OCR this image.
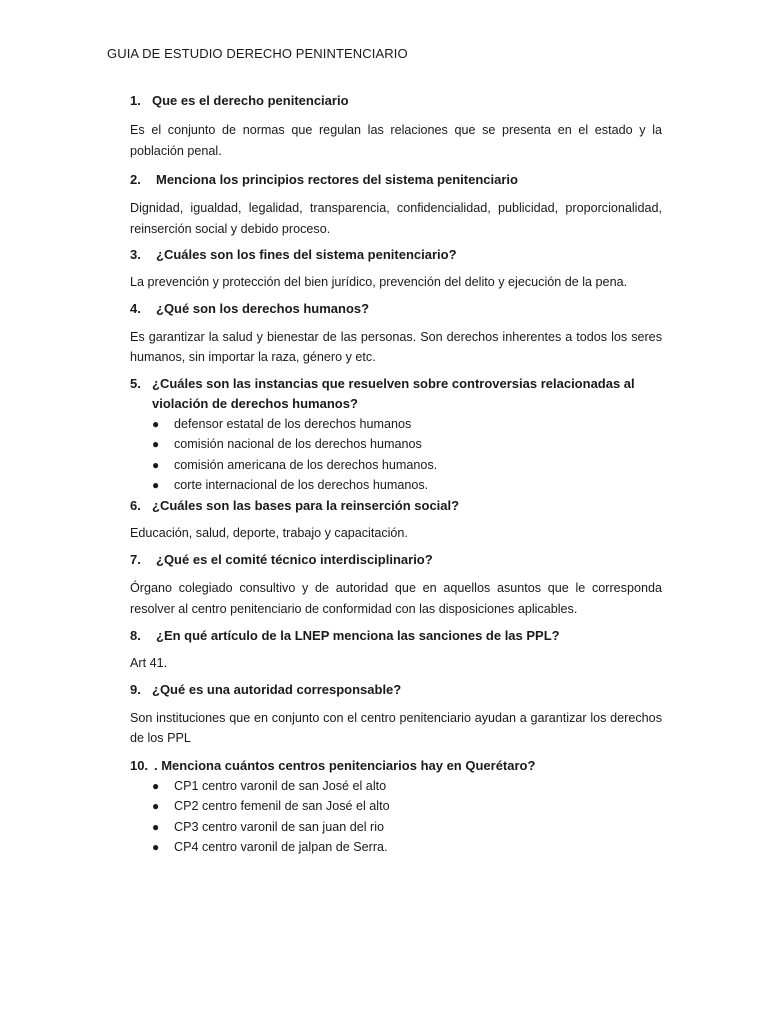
GUIA DE ESTUDIO DERECHO PENINTENCIARIO

1. Que es el derecho penitenciario

Es el conjunto de normas que regulan las relaciones que se presenta en el estado y la población penal.

2.	Menciona los principios rectores del sistema penitenciario

Dignidad, igualdad, legalidad, transparencia, confidencialidad, publicidad, proporcionalidad, reinserción social y debido proceso.

3.	¿Cuáles son los fines del sistema penitenciario?

La prevención y protección del bien jurídico, prevención del delito y ejecución de la pena.

4.	¿Qué son los derechos humanos?

Es garantizar la salud y bienestar de las personas. Son derechos inherentes a todos los seres humanos, sin importar la raza, género y etc.

5. ¿Cuáles son las instancias que resuelven sobre controversias relacionadas al violación de derechos humanos?

●	defensor estatal de los derechos humanos
●	comisión nacional de los derechos humanos
●	comisión americana de los derechos humanos.
●	corte internacional de los derechos humanos.

6. ¿Cuáles son las bases para la reinserción social?

Educación, salud, deporte, trabajo y capacitación.

7.	¿Qué es el comité técnico interdisciplinario?

Órgano colegiado consultivo y de autoridad que en aquellos asuntos que le corresponda resolver al centro penitenciario de conformidad con las disposiciones aplicables.

8.	¿En qué artículo de la LNEP menciona las sanciones de las PPL?

Art 41.

9. ¿Qué es una autoridad corresponsable?

Son instituciones que en conjunto con el centro penitenciario ayudan a garantizar los derechos de los PPL

10. . Menciona cuántos centros penitenciarios hay en Querétaro?

●	CP1 centro varonil de san José el alto
●	CP2 centro femenil de san José el alto
●	CP3 centro varonil de san juan del rio
●	CP4 centro varonil de jalpan de Serra.
